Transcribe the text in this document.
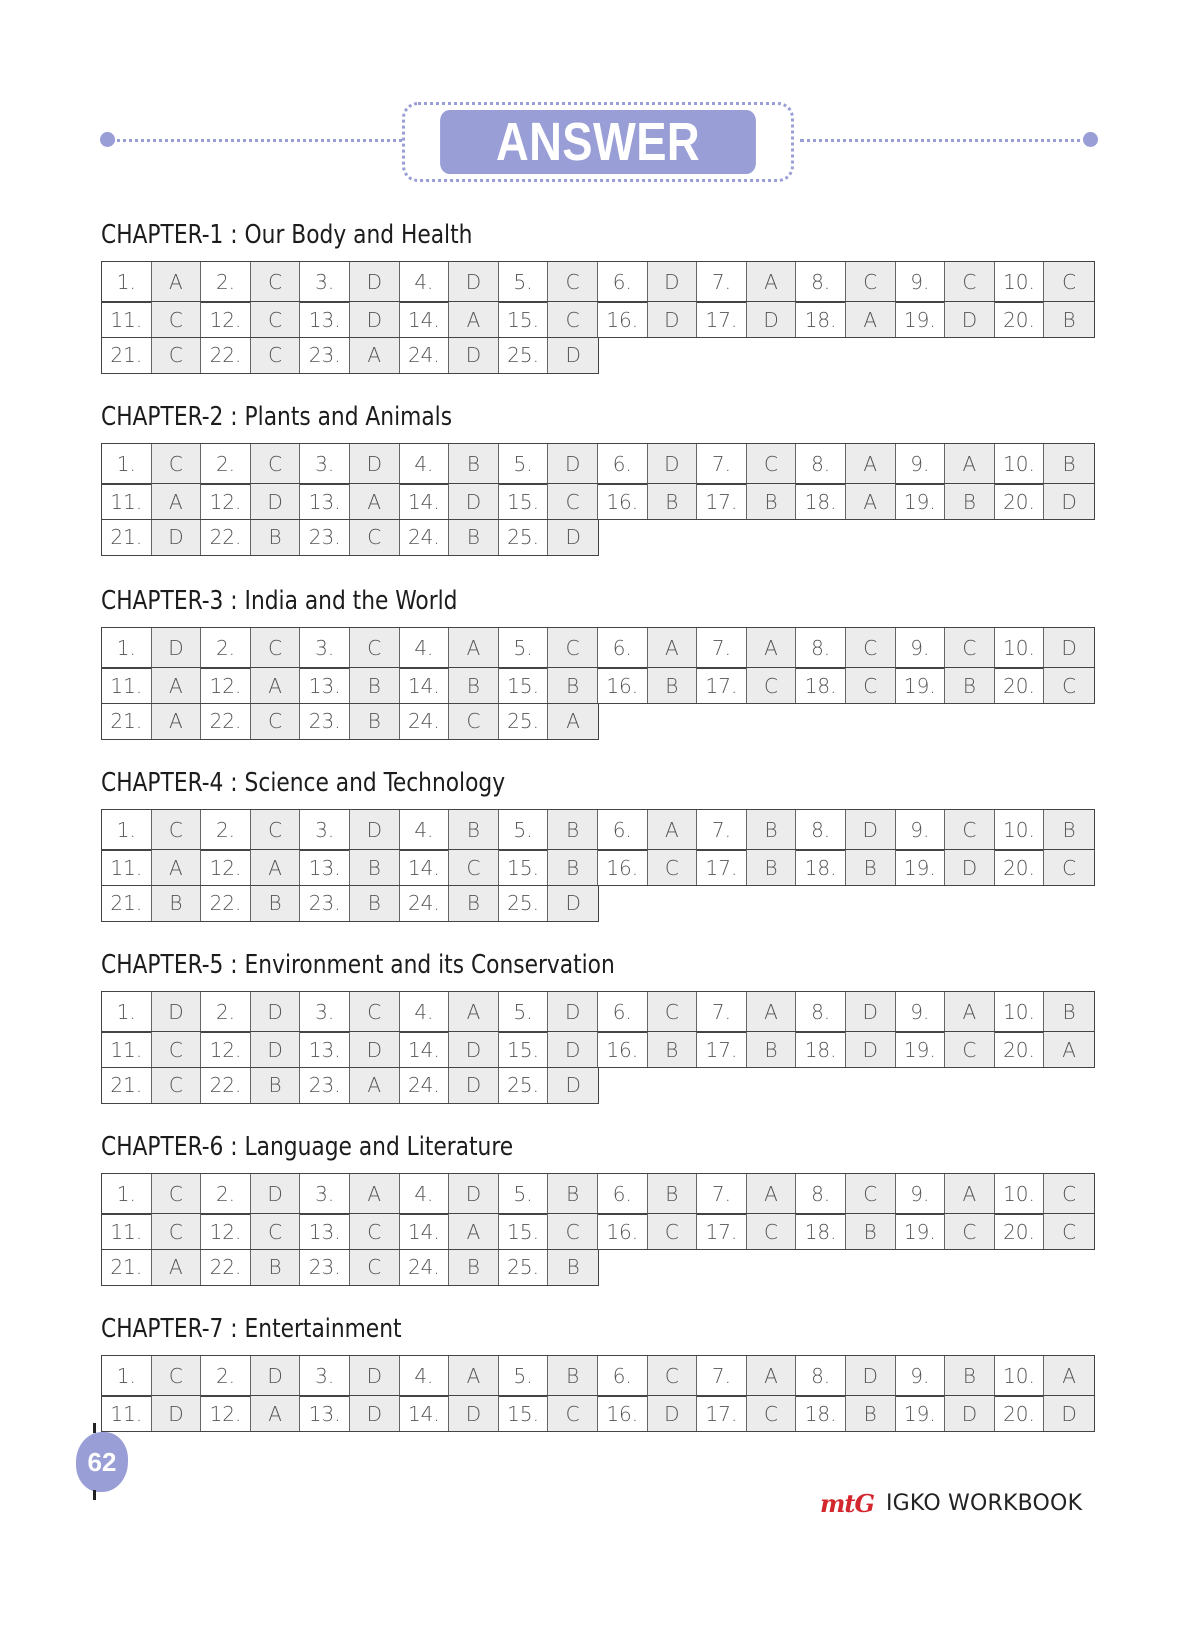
ANSWER KEYS
CHAPTER-1 : Our Body and Health
1.	A	2.	C	3.	D	4.	D	5.	C	6.	D	7.	A	8.	C	9.	C	10.	C
11.	C	12.	C	13.	D	14.	A	15.	C	16.	D	17.	D	18.	A	19.	D	20.	B
21.	C	22.	C	23.	A	24.	D	25.	D
CHAPTER-2 : Plants and Animals
1.	C	2.	C	3.	D	4.	B	5.	D	6.	D	7.	C	8.	A	9.	A	10.	B
11.	A	12.	D	13.	A	14.	D	15.	C	16.	B	17.	B	18.	A	19.	B	20.	D
21.	D	22.	B	23.	C	24.	B	25.	D
CHAPTER-3 : India and the World
1.	D	2.	C	3.	C	4.	A	5.	C	6.	A	7.	A	8.	C	9.	C	10.	D
11.	A	12.	A	13.	B	14.	B	15.	B	16.	B	17.	C	18.	C	19.	B	20.	C
21.	A	22.	C	23.	B	24.	C	25.	A
CHAPTER-4 : Science and Technology
1.	C	2.	C	3.	D	4.	B	5.	B	6.	A	7.	B	8.	D	9.	C	10.	B
11.	A	12.	A	13.	B	14.	C	15.	B	16.	C	17.	B	18.	B	19.	D	20.	C
21.	B	22.	B	23.	B	24.	B	25.	D
CHAPTER-5 : Environment and its Conservation
1.	D	2.	D	3.	C	4.	A	5.	D	6.	C	7.	A	8.	D	9.	A	10.	B
11.	C	12.	D	13.	D	14.	D	15.	D	16.	B	17.	B	18.	D	19.	C	20.	A
21.	C	22.	B	23.	A	24.	D	25.	D
CHAPTER-6 : Language and Literature
1.	C	2.	D	3.	A	4.	D	5.	B	6.	B	7.	A	8.	C	9.	A	10.	C
11.	C	12.	C	13.	C	14.	A	15.	C	16.	C	17.	C	18.	B	19.	C	20.	C
21.	A	22.	B	23.	C	24.	B	25.	B
CHAPTER-7 : Entertainment
1.	C	2.	D	3.	D	4.	A	5.	B	6.	C	7.	A	8.	D	9.	B	10.	A
11.	D	12.	A	13.	D	14.	D	15.	C	16.	D	17.	C	18.	B	19.	D	20.	D
62
mtG IGKO WORKBOOK
